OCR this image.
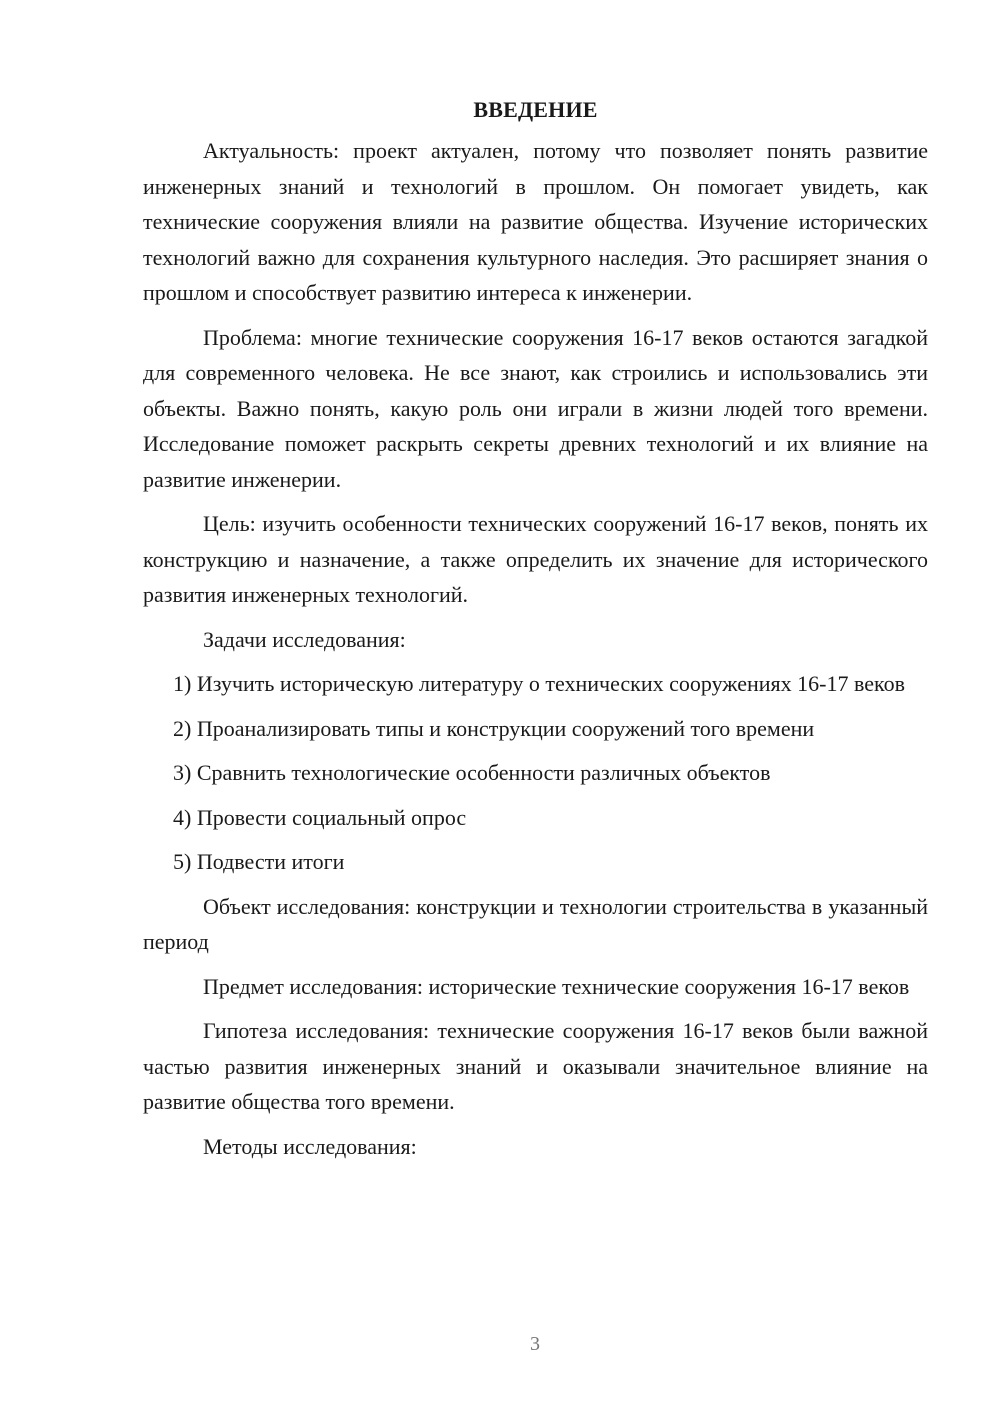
ВВЕДЕНИЕ

Актуальность: проект актуален, потому что позволяет понять развитие инженерных знаний и технологий в прошлом. Он помогает увидеть, как технические сооружения влияли на развитие общества. Изучение исторических технологий важно для сохранения культурного наследия. Это расширяет знания о прошлом и способствует развитию интереса к инженерии.

Проблема: многие технические сооружения 16-17 веков остаются загадкой для современного человека. Не все знают, как строились и использовались эти объекты. Важно понять, какую роль они играли в жизни людей того времени. Исследование поможет раскрыть секреты древних технологий и их влияние на развитие инженерии.

Цель: изучить особенности технических сооружений 16-17 веков, понять их конструкцию и назначение, а также определить их значение для исторического развития инженерных технологий.

Задачи исследования:

1) Изучить историческую литературу о технических сооружениях 16-17 веков

2) Проанализировать типы и конструкции сооружений того времени

3) Сравнить технологические особенности различных объектов

4) Провести социальный опрос

5) Подвести итоги

Объект исследования: конструкции и технологии строительства в указанный период

Предмет исследования: исторические технические сооружения 16-17 веков

Гипотеза исследования: технические сооружения 16-17 веков были важной частью развития инженерных знаний и оказывали значительное влияние на развитие общества того времени.

Методы исследования:

3
